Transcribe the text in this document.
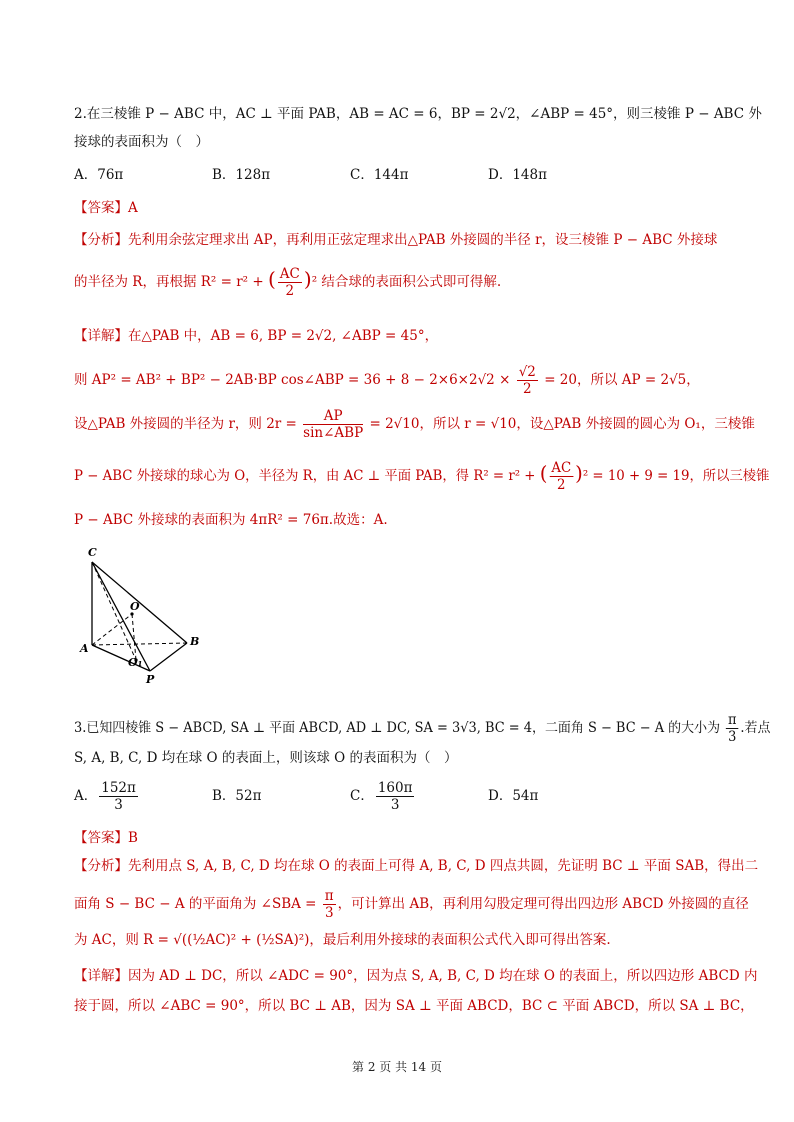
2.在三棱锥 P − ABC 中，AC ⊥ 平面 PAB，AB = AC = 6，BP = 2√2，∠ABP = 45°，则三棱锥 P − ABC 外
接球的表面积为（　）
A．76π	B．128π	C．144π	D．148π
【答案】A
【分析】先利用余弦定理求出 AP，再利用正弦定理求出△PAB 外接圆的半径 r，设三棱锥 P − ABC 外接球
的半径为 R，再根据 R² = r² + ( $\frac{AC}{2} )^2$ 结合球的表面积公式即可得解.
【详解】在△PAB 中，AB = 6, BP = 2√2, ∠ABP = 45°，
则 AP² = AB² + BP² − 2AB·BP cos∠ABP = $36 + 8 - 2\times 6\times 2√2 \times \frac{√2}{2} = 20$，所以 AP = 2√5，
设△PAB 外接圆的半径为 r，则 $2r = \frac{AP}{\text{sin∠ABP}} = 2√10$，所以 r = √10，设△PAB 外接圆的圆心为 O₁，三棱锥
P − ABC 外接球的球心为 O，半径为 R，由 AC ⊥ 平面 PAB，得 R² = r² + ( $\frac{AC}{2} )^2 = 10 + 9 = 19$，所以三棱锥
P − ABC 外接球的表面积为 4πR² = 76π.故选：A.
C
O
A
O₁
B
P
3.已知四棱锥 S − ABCD, SA ⊥ 平面 ABCD, AD ⊥ DC, SA = 3√3, BC = 4，二面角 S − BC − A 的大小为 $\frac{\pi}{3}$ .若点
S, A, B, C, D 均在球 O 的表面上，则该球 O 的表面积为（　）
A． $\frac{152\pi}{3}$	B．52π	C． $\frac{160\pi}{3}$	D．54π
【答案】B
【分析】先利用点 S, A, B, C, D 均在球 O 的表面上可得 A, B, C, D 四点共圆，先证明 BC ⊥ 平面 SAB，得出二
面角 S − BC − A 的平面角为 ∠SBA = $\frac{\pi}{3}$ ，可计算出 AB，再利用勾股定理可得出四边形 ABCD 外接圆的直径
为 AC，则 R = √((½AC)² + (½SA)²)，最后利用外接球的表面积公式代入即可得出答案.
【详解】因为 AD ⊥ DC，所以 ∠ADC = 90°，因为点 S, A, B, C, D 均在球 O 的表面上，所以四边形 ABCD 内
接于圆，所以 ∠ABC = 90°，所以 BC ⊥ AB，因为 SA ⊥ 平面 ABCD，BC ⊂ 平面 ABCD，所以 SA ⊥ BC，
第 2 页 共 14 页
